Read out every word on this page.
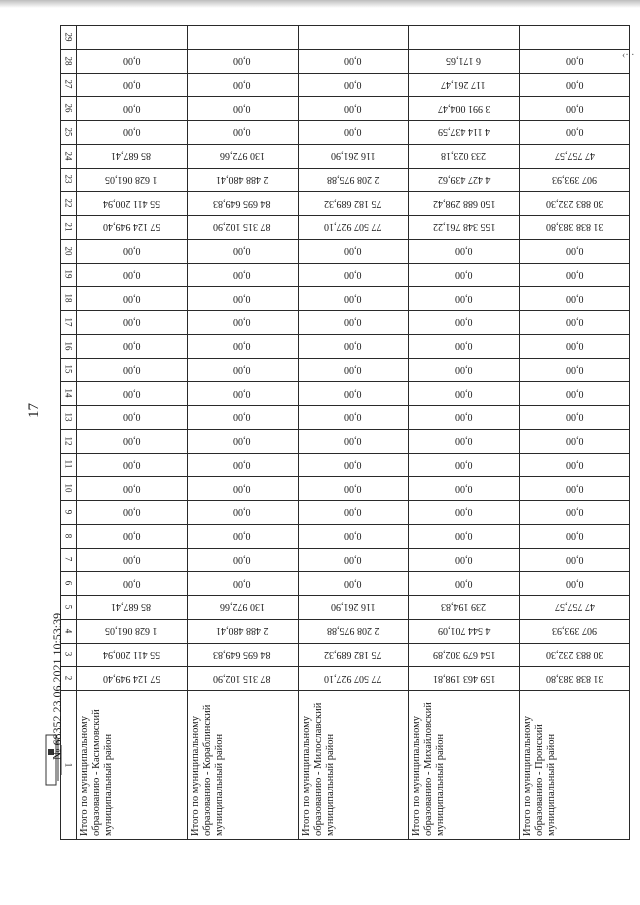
17
‹· ·
29
28
27
26
25
24
23
22
21
20
19
18
17
16
15
14
13
12
11
10
9
8
7
6
5
4
3
2
1 Итого по муниципальному образованию - Касимовский муниципальный район
57 124 949,40
55 411 200,94
1 628 061,05
85 687,41
0,00
0,00
0,00
0,00
0,00
0,00
0,00
0,00
0,00
0,00
0,00
0,00
0,00
0,00
0,00
57 124 949,40
55 411 200,94
1 628 061,05
85 687,41
0,00
0,00
0,00
0,00
Итого по муниципальному образованию - Кораблинский муниципальный район
87 315 102,90
84 695 649,83
2 488 480,41
130 972,66
0,00
0,00
0,00
0,00
0,00
0,00
0,00
0,00
0,00
0,00
0,00
0,00
0,00
0,00
0,00
87 315 102,90
84 695 649,83
2 488 480,41
130 972,66
0,00
0,00
0,00
0,00
Итого по муниципальному образованию - Милославский муниципальный район
77 507 927,10
75 182 689,32
2 208 975,88
116 261,90
0,00
0,00
0,00
0,00
0,00
0,00
0,00
0,00
0,00
0,00
0,00
0,00
0,00
0,00
0,00
77 507 927,10
75 182 689,32
2 208 975,88
116 261,90
0,00
0,00
0,00
0,00
Итого по муниципальному образованию - Михайловский муниципальный район
159 463 198,81
154 679 302,89
4 544 701,09
239 194,83
0,00
0,00
0,00
0,00
0,00
0,00
0,00
0,00
0,00
0,00
0,00
0,00
0,00
0,00
0,00
155 348 761,22
150 688 298,42
4 427 439,62
233 023,18
4 114 437,59
3 991 004,47
117 261,47
6 171,65
Итого по муниципальному образованию - Пронский муниципальный район
31 838 383,80
30 883 232,30
907 393,93
47 757,57
0,00
0,00
0,00
0,00
0,00
0,00
0,00
0,00
0,00
0,00
0,00
0,00
0,00
0,00
0,00
31 838 383,80
30 883 232,30
907 393,93
47 757,57
0,00
0,00
0,00
0,00
№ 68352 23.06.2021 10:53:39
